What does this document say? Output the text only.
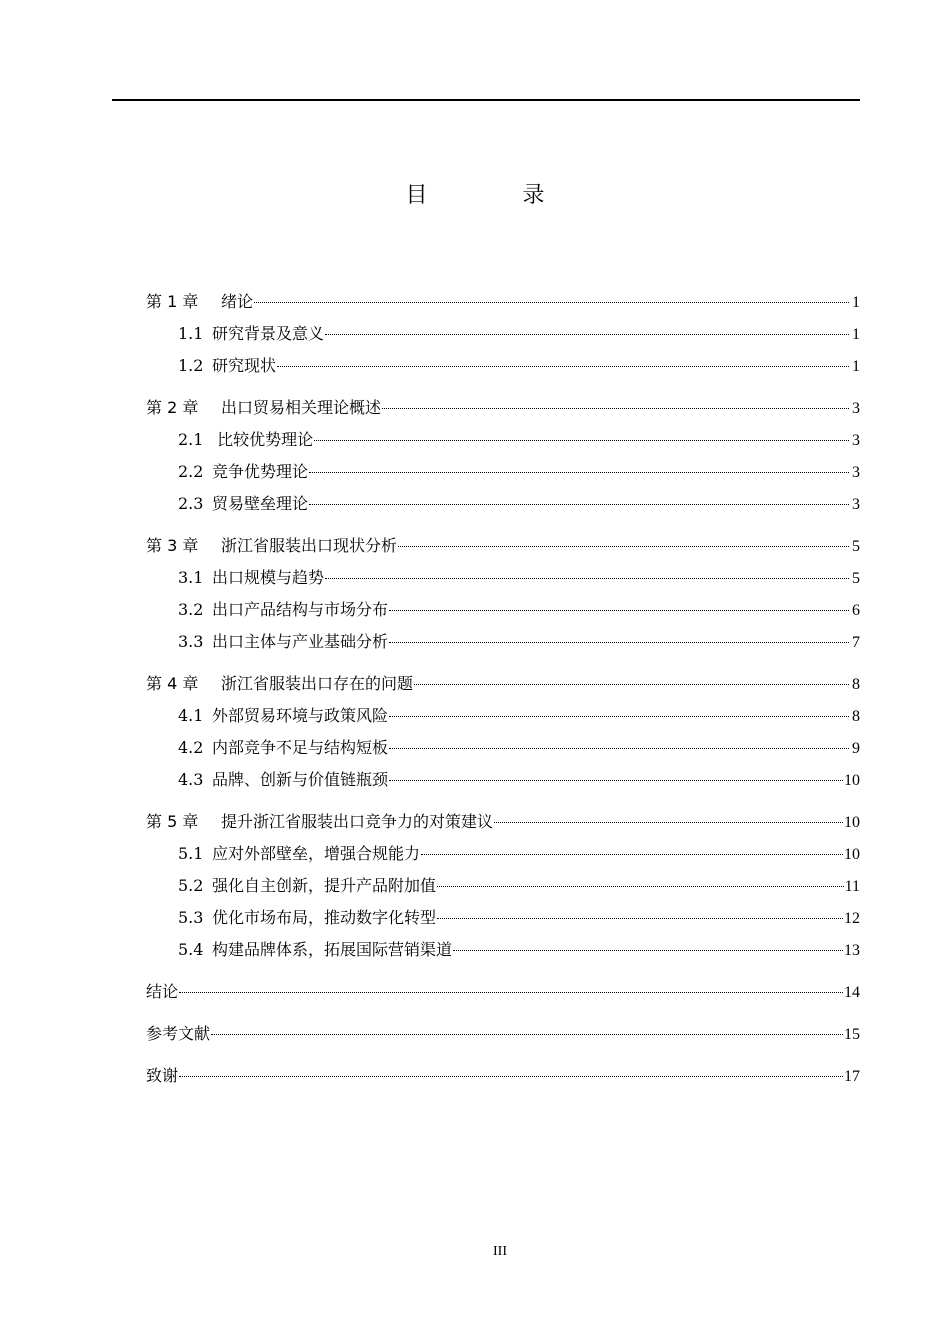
目 录
第 1 章	绪论	1
1.1 研究背景及意义	1
1.2 研究现状	1
第 2 章	出口贸易相关理论概述	3
2.1 比较优势理论	3
2.2 竞争优势理论	3
2.3 贸易壁垒理论	3
第 3 章	浙江省服装出口现状分析	5
3.1 出口规模与趋势	5
3.2 出口产品结构与市场分布	6
3.3 出口主体与产业基础分析	7
第 4 章	浙江省服装出口存在的问题	8
4.1 外部贸易环境与政策风险	8
4.2 内部竞争不足与结构短板	9
4.3 品牌、创新与价值链瓶颈	10
第 5 章	提升浙江省服装出口竞争力的对策建议	10
5.1 应对外部壁垒，增强合规能力	10
5.2 强化自主创新，提升产品附加值	11
5.3 优化市场布局，推动数字化转型	12
5.4 构建品牌体系，拓展国际营销渠道	13
结论	14
参考文献	15
致谢	17
III
